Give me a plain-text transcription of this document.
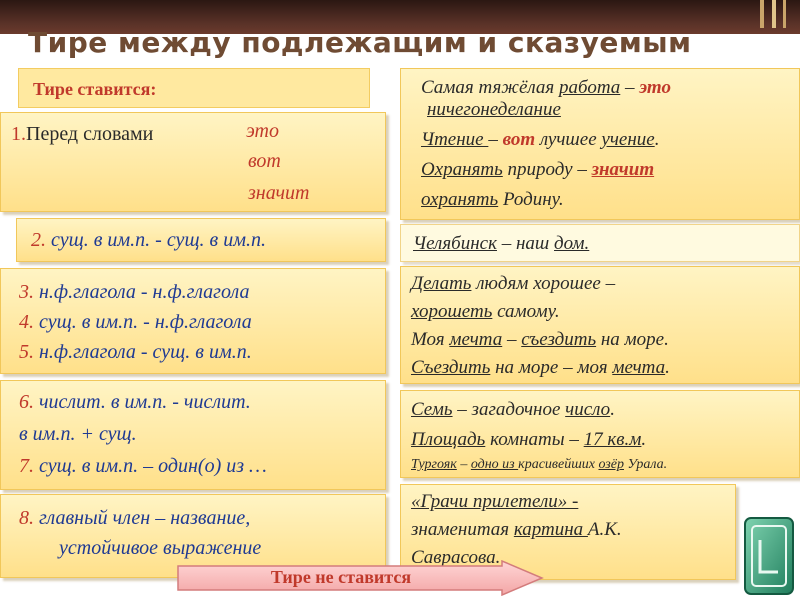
Тире между подлежащим и сказуемым
Тире ставится:
1.Перед словами	это
вот
значит
2. сущ. в им.п. - сущ. в им.п.
3. н.ф.глагола - н.ф.глагола
4. сущ. в им.п. - н.ф.глагола
5. н.ф.глагола - сущ. в им.п.
6. числит. в им.п. - числит.
в им.п. + сущ.
7. сущ. в им.п. – один(о) из …
8. главный член – название,
устойчивое выражение
Самая тяжёлая работа – это
ничегонеделание
Чтение – вот лучшее учение.
Охранять природу – значит
охранять Родину.
Челябинск – наш дом.
Делать людям хорошее –
хорошеть самому.
Моя мечта – съездить на море.
Съездить на море – моя мечта.
Семь – загадочное число.
Площадь комнаты – 17 кв.м.
Тургояк – одно из красивейших озёр Урала.
«Грачи прилетели» -
знаменитая картина А.К.
Саврасова.
Тире не ставится
